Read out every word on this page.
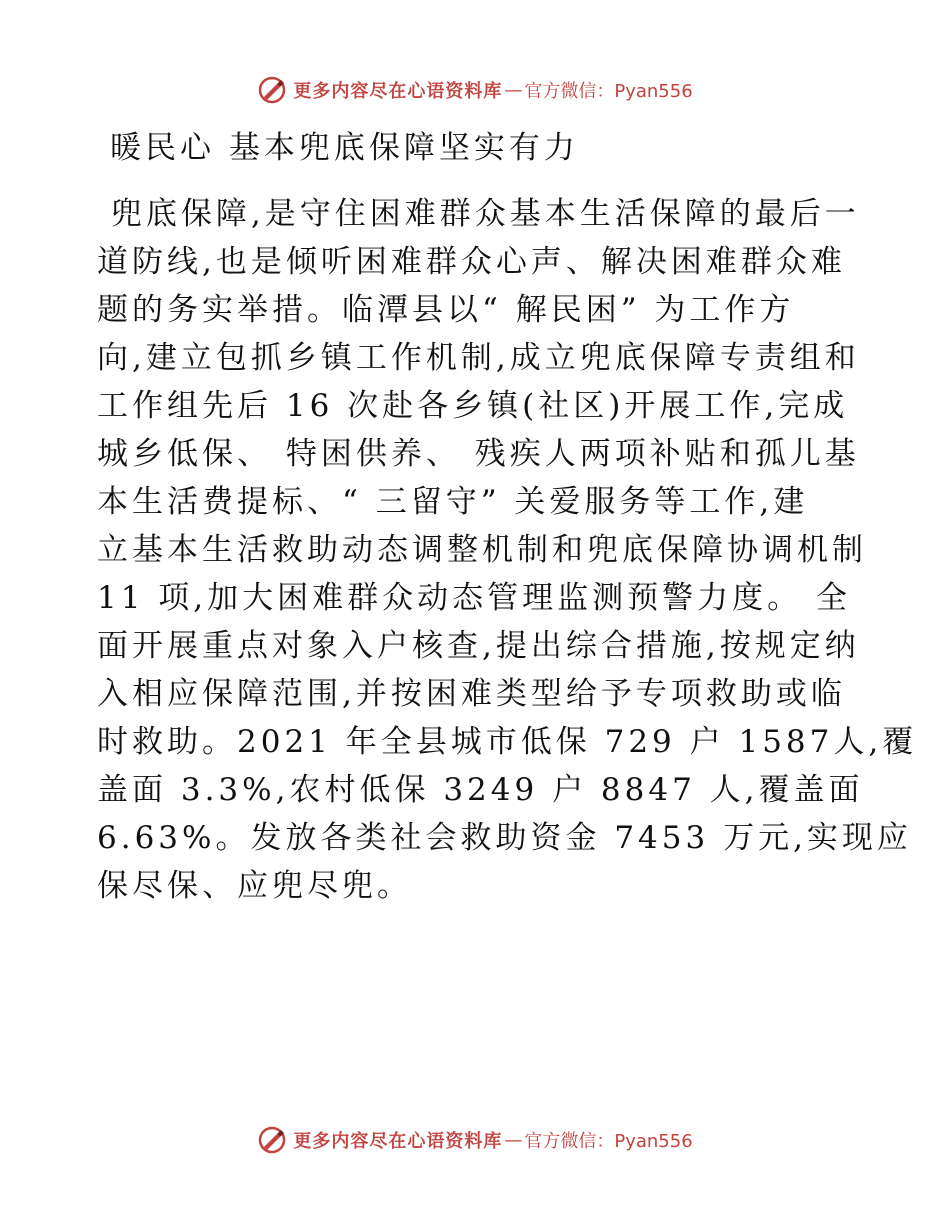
更多内容尽在心语资料库 — 官方微信：Pyan556
暖民心 基本兜底保障坚实有力
兜底保障,是守住困难群众基本生活保障的最后一
道防线,也是倾听困难群众心声、解决困难群众难
题的务实举措。临潭县以“ 解民困” 为工作方
向,建立包抓乡镇工作机制,成立兜底保障专责组和
工作组先后 16 次赴各乡镇(社区)开展工作,完成
城乡低保、 特困供养、 残疾人两项补贴和孤儿基
本生活费提标、“ 三留守” 关爱服务等工作,建
立基本生活救助动态调整机制和兜底保障协调机制
11 项,加大困难群众动态管理监测预警力度。 全
面开展重点对象入户核查,提出综合措施,按规定纳
入相应保障范围,并按困难类型给予专项救助或临
时救助。2021 年全县城市低保 729 户 1587人,覆
盖面 3.3%,农村低保 3249 户 8847 人,覆盖面
6.63%。发放各类社会救助资金 7453 万元,实现应
保尽保、应兜尽兜。
更多内容尽在心语资料库 — 官方微信：Pyan556
